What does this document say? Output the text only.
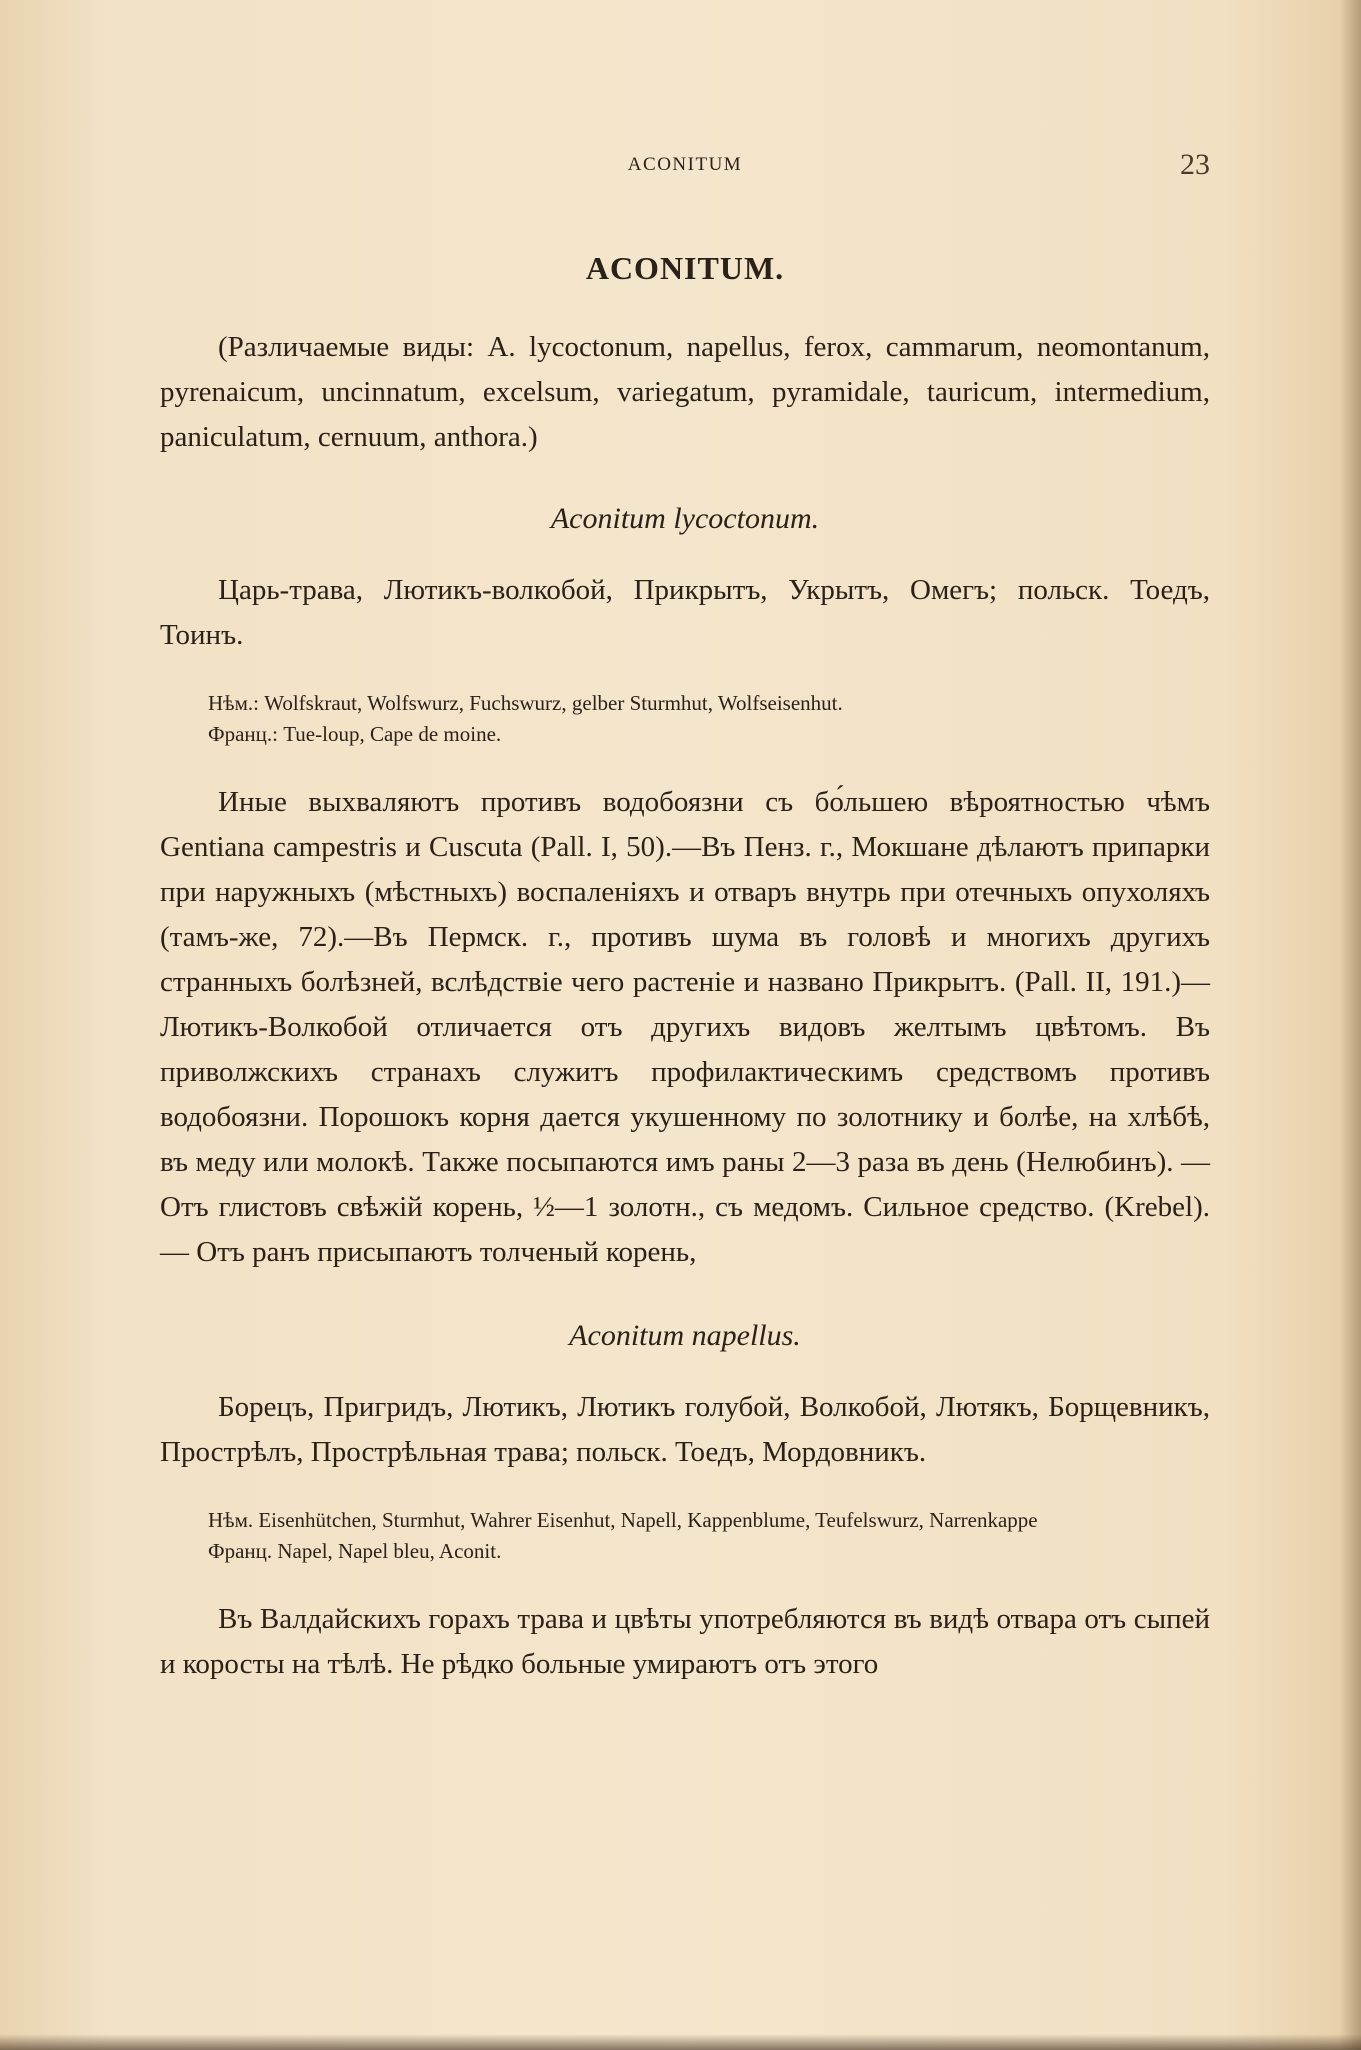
ACONITUM	23
ACONITUM.

(Различаемые виды: A. lycoctonum, napellus, ferox, cammarum, neomontanum, pyrenaicum, uncinnatum, excelsum, variegatum, pyramidale, tauricum, intermedium, paniculatum, cernuum, anthora.)

Aconitum lycoctonum.

Царь-трава, Лютикъ-волкобой, Прикрытъ, Укрытъ, Омегъ; польск. Тоедъ, Тоинъ.

Нѣм.: Wolfskraut, Wolfswurz, Fuchswurz, gelber Sturmhut, Wolfseisenhut.
Франц.: Tue-loup, Cape de moine.

Иные выхваляютъ противъ водобоязни съ бо́льшею вѣроятностью чѣмъ Gentiana campestris и Cuscuta (Pall. I, 50).—Въ Пенз. г., Мокшане дѣлаютъ припарки при наружныхъ (мѣстныхъ) воспаленіяхъ и отваръ внутрь при отечныхъ опухоляхъ (тамъ-же, 72).—Въ Пермск. г., противъ шума въ головѣ и многихъ другихъ странныхъ болѣзней, вслѣдствіе чего растеніе и названо Прикрытъ. (Pall. II, 191.)—Лютикъ-Волкобой отличается отъ другихъ видовъ желтымъ цвѣтомъ. Въ приволжскихъ странахъ служитъ профилактическимъ средствомъ противъ водобоязни. Порошокъ корня дается укушенному по золотнику и болѣе, на хлѣбѣ, въ меду или молокѣ. Также посыпаются имъ раны 2—3 раза въ день (Нелюбинъ). — Отъ глистовъ свѣжій корень, ½—1 золотн., съ медомъ. Сильное средство. (Krebel). — Отъ ранъ присыпаютъ толченый корень,

Aconitum napellus.

Борецъ, Пригридъ, Лютикъ, Лютикъ голубой, Волкобой, Лютякъ, Борщевникъ, Прострѣлъ, Прострѣльная трава; польск. Тоедъ, Мордовникъ.

Нѣм. Eisenhütchen, Sturmhut, Wahrer Eisenhut, Napell, Kappenblume, Teufelswurz, Narrenkappe
Франц. Napel, Napel bleu, Aconit.

Въ Валдайскихъ горахъ трава и цвѣты употребляются въ видѣ отвара отъ сыпей и коросты на тѣлѣ. Не рѣдко больные умираютъ отъ этого
